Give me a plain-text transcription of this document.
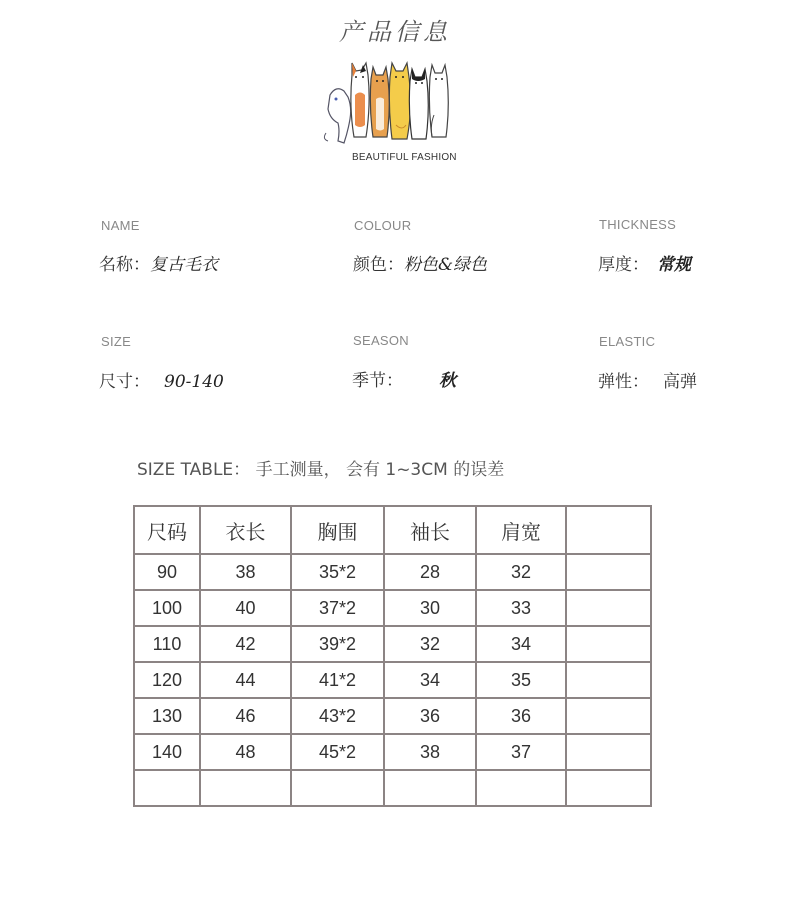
产品信息
BEAUTIFUL FASHION
NAME
名称：复古毛衣
COLOUR
颜色：粉色&绿色
THICKNESS
厚度： 常规
SIZE
尺寸： 90-140
SEASON
季节： 秋
ELASTIC
弹性： 高弹
SIZE TABLE： 手工测量， 会有 1~3CM 的误差
尺码	衣长	胸围	袖长	肩宽	
90	38	35*2	28	32	
100	40	37*2	30	33	
110	42	39*2	32	34	
120	44	41*2	34	35	
130	46	43*2	36	36	
140	48	45*2	38	37	
